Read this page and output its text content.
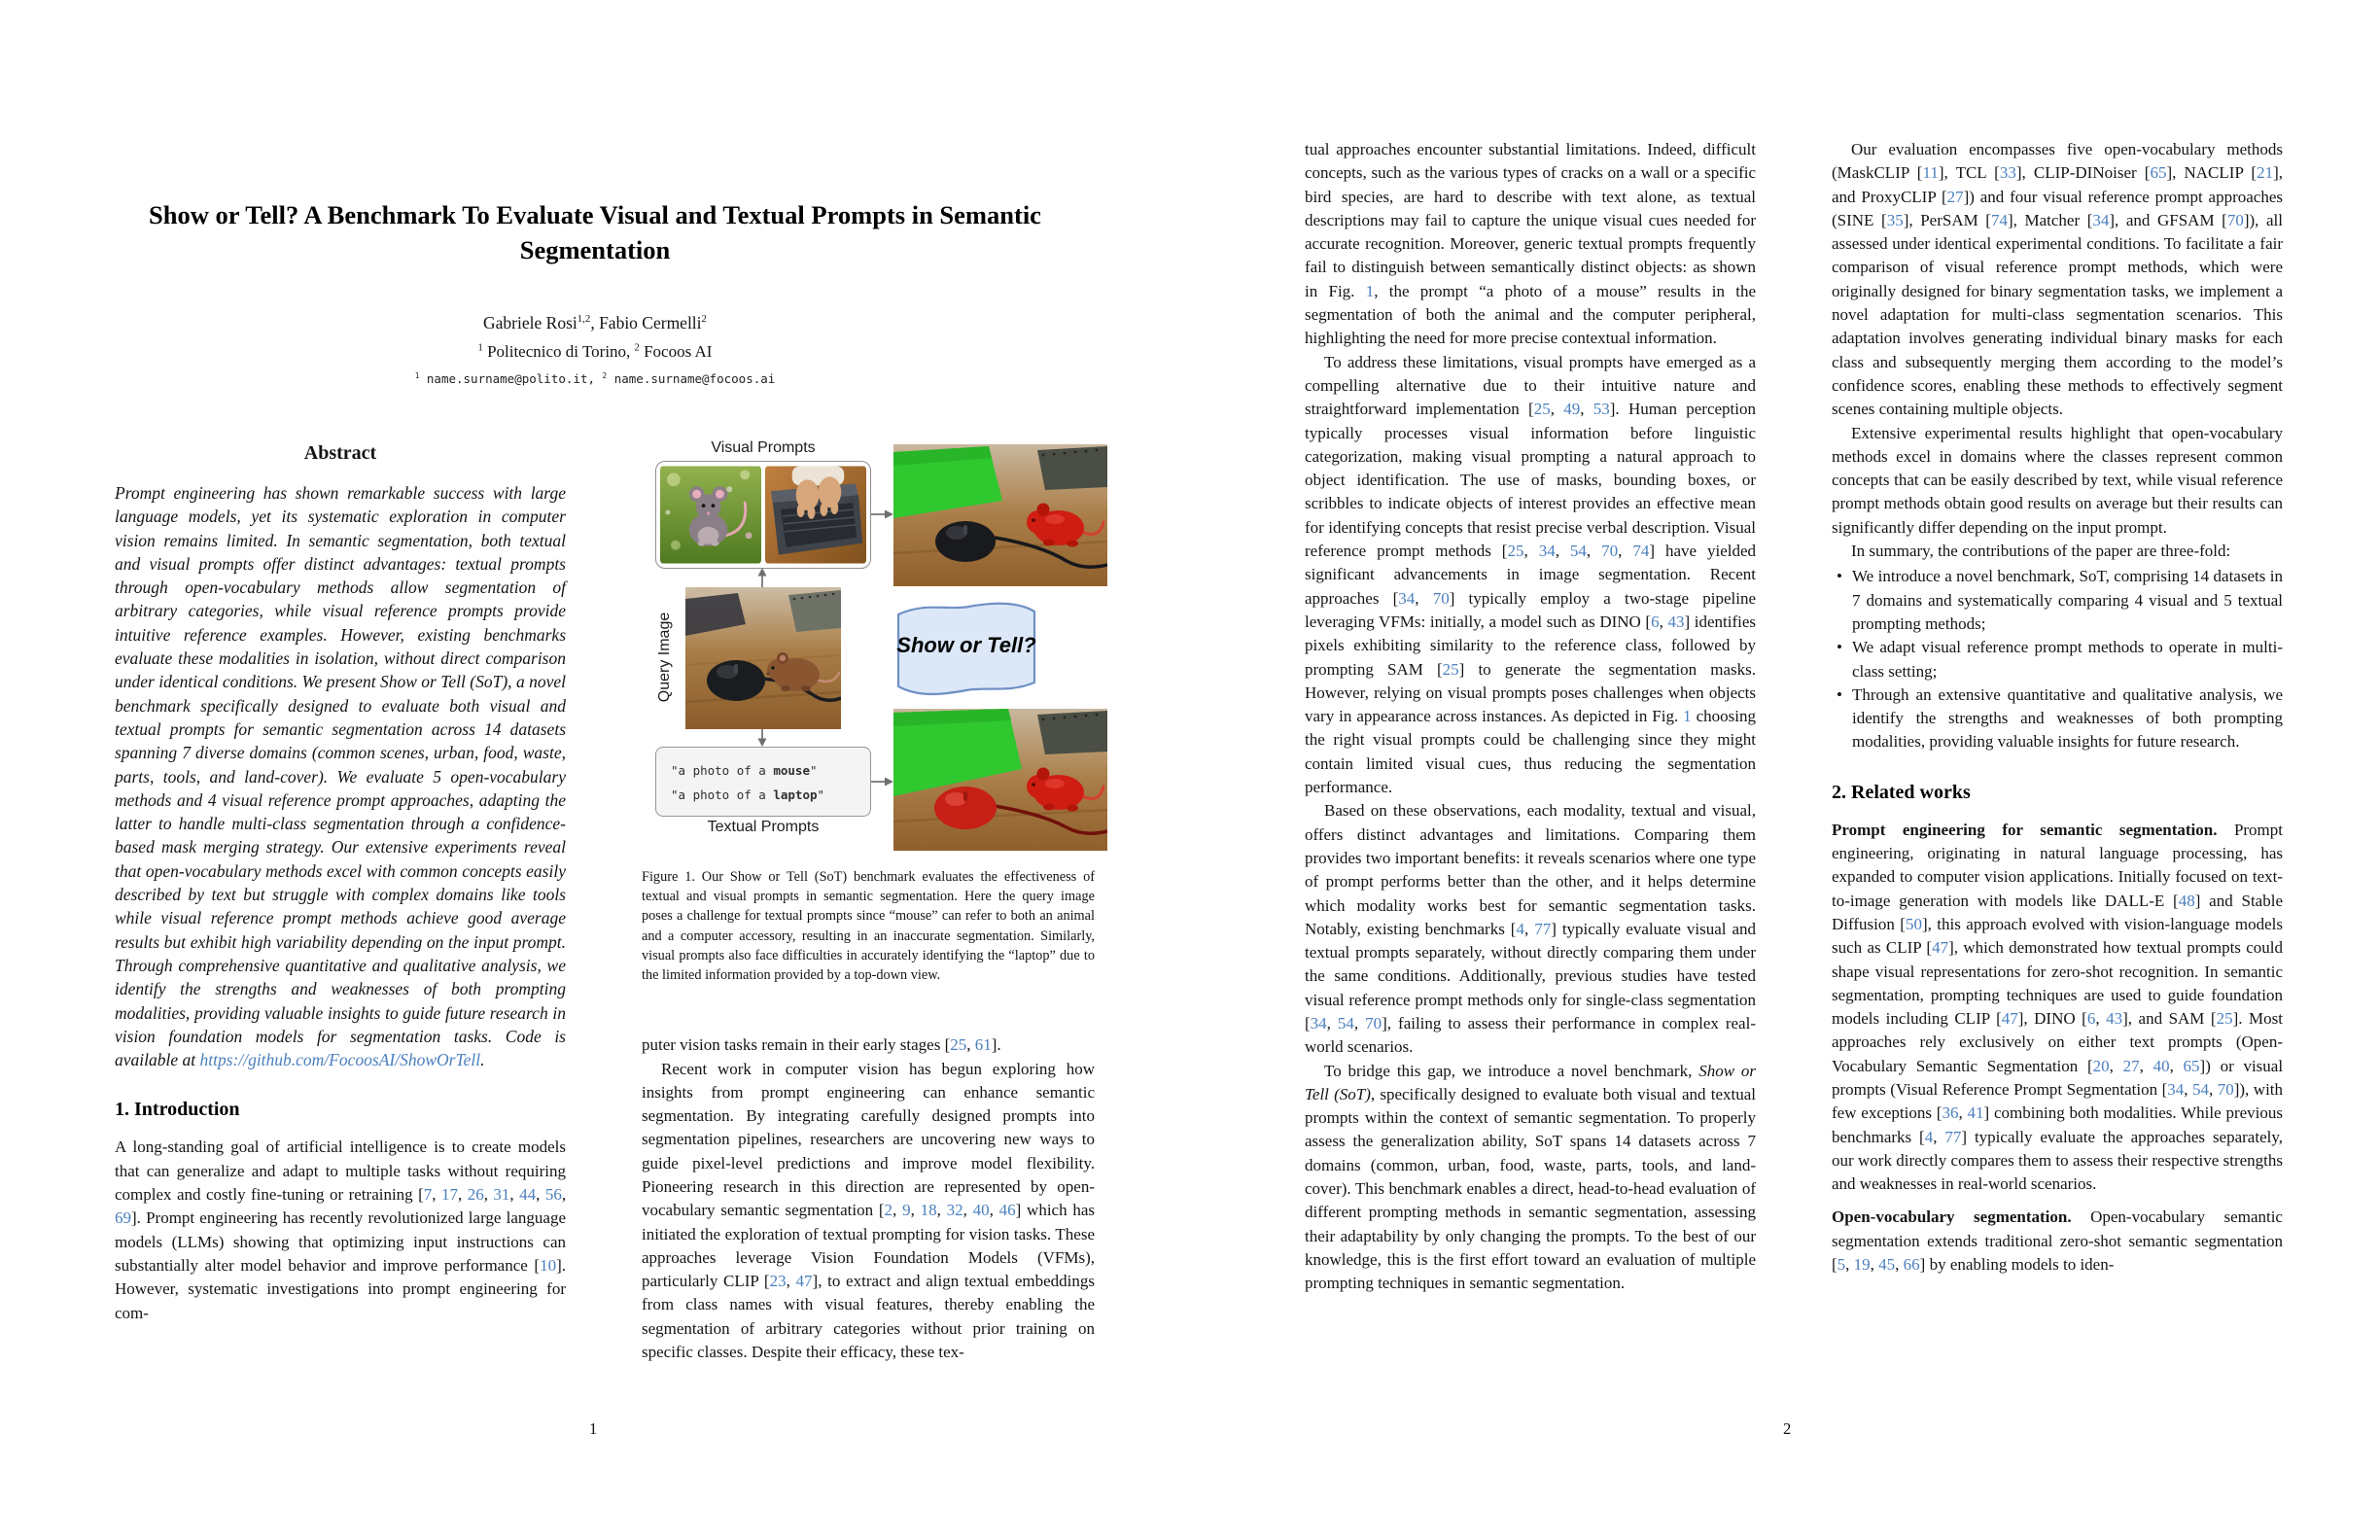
Show or Tell? A Benchmark To Evaluate Visual and Textual Prompts in Semantic Segmentation
Gabriele Rosi$^{1,2}$, Fabio Cermelli$^2$
$^1$ Politecnico di Torino, $^2$ Focoos AI
$^1$ name.surname@polito.it, $^2$ name.surname@focoos.ai
Abstract
Prompt engineering has shown remarkable success with large language models, yet its systematic exploration in computer vision remains limited. In semantic segmentation, both textual and visual prompts offer distinct advantages: textual prompts through open-vocabulary methods allow segmentation of arbitrary categories, while visual reference prompts provide intuitive reference examples. However, existing benchmarks evaluate these modalities in isolation, without direct comparison under identical conditions. We present Show or Tell (SoT), a novel benchmark specifically designed to evaluate both visual and textual prompts for semantic segmentation across 14 datasets spanning 7 diverse domains (common scenes, urban, food, waste, parts, tools, and land-cover). We evaluate 5 open-vocabulary methods and 4 visual reference prompt approaches, adapting the latter to handle multi-class segmentation through a confidence-based mask merging strategy. Our extensive experiments reveal that open-vocabulary methods excel with common concepts easily described by text but struggle with complex domains like tools while visual reference prompt methods achieve good average results but exhibit high variability depending on the input prompt. Through comprehensive quantitative and qualitative analysis, we identify the strengths and weaknesses of both prompting modalities, providing valuable insights to guide future research in vision foundation models for segmentation tasks. Code is available at https://github.com/FocoosAI/ShowOrTell.
1. Introduction
A long-standing goal of artificial intelligence is to create models that can generalize and adapt to multiple tasks without requiring complex and costly fine-tuning or retraining [7, 17, 26, 31, 44, 56, 69]. Prompt engineering has recently revolutionized large language models (LLMs) showing that optimizing input instructions can substantially alter model behavior and improve performance [10]. However, systematic investigations into prompt engineering for com-
Visual Prompts
Query Image	Show or Tell?
"a photo of a mouse"
"a photo of a laptop"
Textual Prompts
Figure 1. Our Show or Tell (SoT) benchmark evaluates the effectiveness of textual and visual prompts in semantic segmentation. Here the query image poses a challenge for textual prompts since “mouse” can refer to both an animal and a computer accessory, resulting in an inaccurate segmentation. Similarly, visual prompts also face difficulties in accurately identifying the “laptop” due to the limited information provided by a top-down view.
puter vision tasks remain in their early stages [25, 61].
Recent work in computer vision has begun exploring how insights from prompt engineering can enhance semantic segmentation. By integrating carefully designed prompts into segmentation pipelines, researchers are uncovering new ways to guide pixel-level predictions and improve model flexibility. Pioneering research in this direction are represented by open-vocabulary semantic segmentation [2, 9, 18, 32, 40, 46] which has initiated the exploration of textual prompting for vision tasks. These approaches leverage Vision Foundation Models (VFMs), particularly CLIP [23, 47], to extract and align textual embeddings from class names with visual features, thereby enabling the segmentation of arbitrary categories without prior training on specific classes. Despite their efficacy, these tex-
1
tual approaches encounter substantial limitations. Indeed, difficult concepts, such as the various types of cracks on a wall or a specific bird species, are hard to describe with text alone, as textual descriptions may fail to capture the unique visual cues needed for accurate recognition. Moreover, generic textual prompts frequently fail to distinguish between semantically distinct objects: as shown in Fig. 1, the prompt “a photo of a mouse” results in the segmentation of both the animal and the computer peripheral, highlighting the need for more precise contextual information.
To address these limitations, visual prompts have emerged as a compelling alternative due to their intuitive nature and straightforward implementation [25, 49, 53]. Human perception typically processes visual information before linguistic categorization, making visual prompting a natural approach to object identification. The use of masks, bounding boxes, or scribbles to indicate objects of interest provides an effective mean for identifying concepts that resist precise verbal description. Visual reference prompt methods [25, 34, 54, 70, 74] have yielded significant advancements in image segmentation. Recent approaches [34, 70] typically employ a two-stage pipeline leveraging VFMs: initially, a model such as DINO [6, 43] identifies pixels exhibiting similarity to the reference class, followed by prompting SAM [25] to generate the segmentation masks. However, relying on visual prompts poses challenges when objects vary in appearance across instances. As depicted in Fig. 1 choosing the right visual prompts could be challenging since they might contain limited visual cues, thus reducing the segmentation performance.
Based on these observations, each modality, textual and visual, offers distinct advantages and limitations. Comparing them provides two important benefits: it reveals scenarios where one type of prompt performs better than the other, and it helps determine which modality works best for semantic segmentation tasks. Notably, existing benchmarks [4, 77] typically evaluate visual and textual prompts separately, without directly comparing them under the same conditions. Additionally, previous studies have tested visual reference prompt methods only for single-class segmentation [34, 54, 70], failing to assess their performance in complex real-world scenarios.
To bridge this gap, we introduce a novel benchmark, Show or Tell (SoT), specifically designed to evaluate both visual and textual prompts within the context of semantic segmentation. To properly assess the generalization ability, SoT spans 14 datasets across 7 domains (common, urban, food, waste, parts, tools, and land-cover). This benchmark enables a direct, head-to-head evaluation of different prompting methods in semantic segmentation, assessing their adaptability by only changing the prompts. To the best of our knowledge, this is the first effort toward an evaluation of multiple prompting techniques in semantic segmentation.
Our evaluation encompasses five open-vocabulary methods (MaskCLIP [11], TCL [33], CLIP-DINoiser [65], NACLIP [21], and ProxyCLIP [27]) and four visual reference prompt approaches (SINE [35], PerSAM [74], Matcher [34], and GFSAM [70]), all assessed under identical experimental conditions. To facilitate a fair comparison of visual reference prompt methods, which were originally designed for binary segmentation tasks, we implement a novel adaptation for multi-class segmentation scenarios. This adaptation involves generating individual binary masks for each class and subsequently merging them according to the model’s confidence scores, enabling these methods to effectively segment scenes containing multiple objects.
Extensive experimental results highlight that open-vocabulary methods excel in domains where the classes represent common concepts that can be easily described by text, while visual reference prompt methods obtain good results on average but their results can significantly differ depending on the input prompt.
In summary, the contributions of the paper are three-fold:
• We introduce a novel benchmark, SoT, comprising 14 datasets in 7 domains and systematically comparing 4 visual and 5 textual prompting methods;
• We adapt visual reference prompt methods to operate in multi-class setting;
• Through an extensive quantitative and qualitative analysis, we identify the strengths and weaknesses of both prompting modalities, providing valuable insights for future research.
2. Related works
Prompt engineering for semantic segmentation. Prompt engineering, originating in natural language processing, has expanded to computer vision applications. Initially focused on text-to-image generation with models like DALL-E [48] and Stable Diffusion [50], this approach evolved with vision-language models such as CLIP [47], which demonstrated how textual prompts could shape visual representations for zero-shot recognition. In semantic segmentation, prompting techniques are used to guide foundation models including CLIP [47], DINO [6, 43], and SAM [25]. Most approaches rely exclusively on either text prompts (Open-Vocabulary Semantic Segmentation [20, 27, 40, 65]) or visual prompts (Visual Reference Prompt Segmentation [34, 54, 70]), with few exceptions [36, 41] combining both modalities. While previous benchmarks [4, 77] typically evaluate the approaches separately, our work directly compares them to assess their respective strengths and weaknesses in real-world scenarios.
Open-vocabulary segmentation. Open-vocabulary semantic segmentation extends traditional zero-shot semantic segmentation [5, 19, 45, 66] by enabling models to iden-
2
